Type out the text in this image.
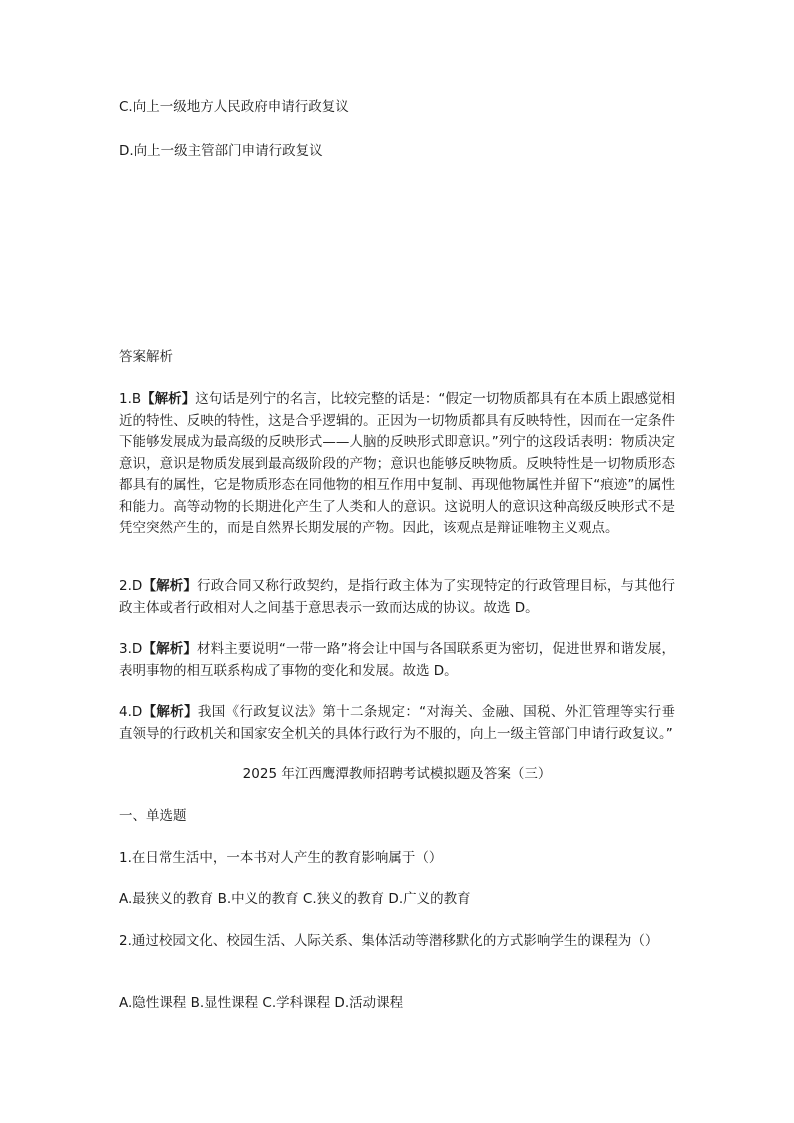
C.向上一级地方人民政府申请行政复议

D.向上一级主管部门申请行政复议

答案解析

1.B【解析】这句话是列宁的名言，比较完整的话是：“假定一切物质都具有在本质上跟感觉相近的特性、反映的特性，这是合乎逻辑的。正因为一切物质都具有反映特性，因而在一定条件下能够发展成为最高级的反映形式——人脑的反映形式即意识。”列宁的这段话表明：物质决定意识，意识是物质发展到最高级阶段的产物；意识也能够反映物质。反映特性是一切物质形态都具有的属性，它是物质形态在同他物的相互作用中复制、再现他物属性并留下“痕迹”的属性和能力。高等动物的长期进化产生了人类和人的意识。这说明人的意识这种高级反映形式不是凭空突然产生的，而是自然界长期发展的产物。因此，该观点是辩证唯物主义观点。

2.D【解析】行政合同又称行政契约，是指行政主体为了实现特定的行政管理目标，与其他行政主体或者行政相对人之间基于意思表示一致而达成的协议。故选 D。

3.D【解析】材料主要说明“一带一路”将会让中国与各国联系更为密切，促进世界和谐发展，表明事物的相互联系构成了事物的变化和发展。故选 D。

4.D【解析】我国《行政复议法》第十二条规定：“对海关、金融、国税、外汇管理等实行垂直领导的行政机关和国家安全机关的具体行政行为不服的，向上一级主管部门申请行政复议。”

2025 年江西鹰潭教师招聘考试模拟题及答案（三）

一、单选题

1.在日常生活中，一本书对人产生的教育影响属于（）

A.最狭义的教育 B.中义的教育 C.狭义的教育 D.广义的教育

2.通过校园文化、校园生活、人际关系、集体活动等潜移默化的方式影响学生的课程为（）

A.隐性课程 B.显性课程 C.学科课程 D.活动课程
